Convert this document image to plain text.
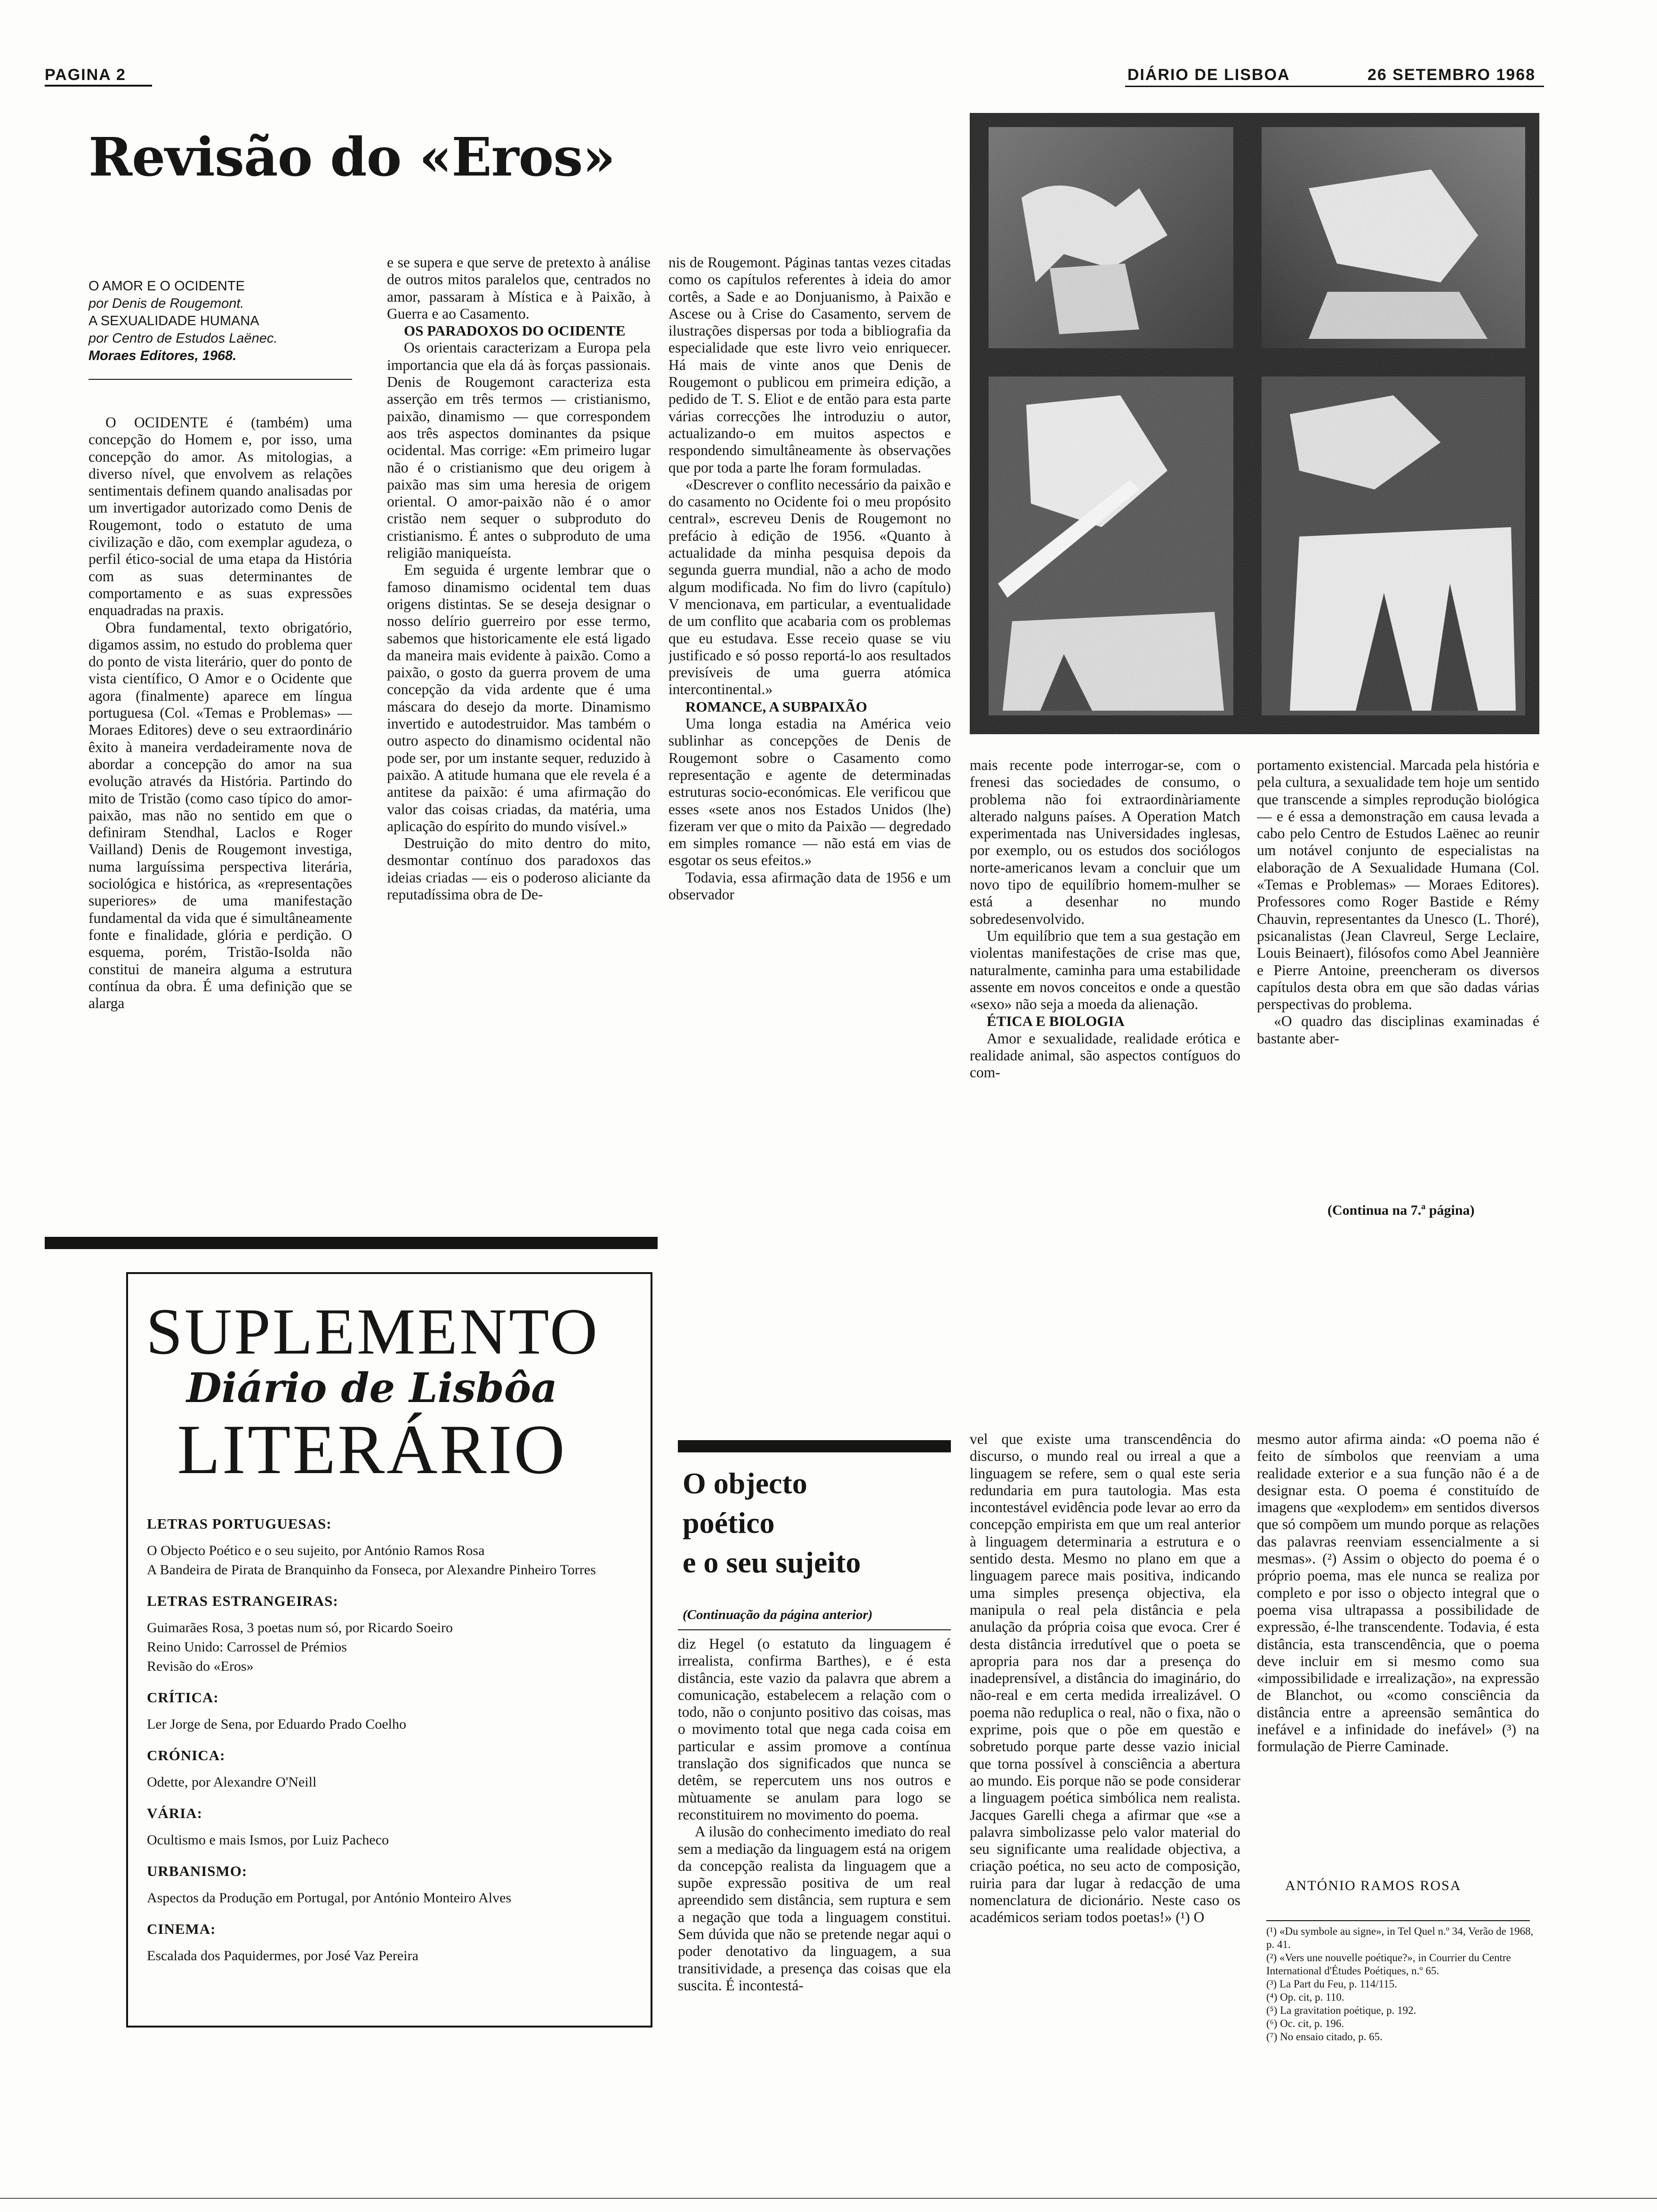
PAGINA 2	DIÁRIO DE LISBOA	26 SETEMBRO 1968
Revisão do «Eros»
O AMOR E O OCIDENTE
por Denis de Rougemont.
A SEXUALIDADE HUMANA
por Centro de Estudos Laënec.
Moraes Editores, 1968.

O OCIDENTE é (também) uma concepção do Homem e, por isso, uma concepção do amor. As mitologias, a diverso nível, que envolvem as relações sentimentais definem quando analisadas por um invertigador autorizado como Denis de Rougemont, todo o estatuto de uma civilização e dão, com exemplar agudeza, o perfil ético-social de uma etapa da História com as suas determinantes de comportamento e as suas expressões enquadradas na praxis.

Obra fundamental, texto obrigatório, digamos assim, no estudo do problema quer do ponto de vista literário, quer do ponto de vista científico, O Amor e o Ocidente que agora (finalmente) aparece em língua portuguesa (Col. «Temas e Problemas» — Moraes Editores) deve o seu extraordinário êxito à maneira verdadeiramente nova de abordar a concepção do amor na sua evolução através da História. Partindo do mito de Tristão (como caso típico do amor-paixão, mas não no sentido em que o definiram Stendhal, Laclos e Roger Vailland) Denis de Rougemont investiga, numa larguíssima perspectiva literária, sociológica e histórica, as «representações superiores» de uma manifestação fundamental da vida que é simultâneamente fonte e finalidade, glória e perdição. O esquema, porém, Tristão-Isolda não constitui de maneira alguma a estrutura contínua da obra. É uma definição que se alarga

e se supera e que serve de pretexto à análise de outros mitos paralelos que, centrados no amor, passaram à Mística e à Paixão, à Guerra e ao Casamento.

OS PARADOXOS DO OCIDENTE

Os orientais caracterizam a Europa pela importancia que ela dá às forças passionais. Denis de Rougemont caracteriza esta asserção em três termos — cristianismo, paixão, dinamismo — que correspondem aos três aspectos dominantes da psique ocidental. Mas corrige: «Em primeiro lugar não é o cristianismo que deu origem à paixão mas sim uma heresia de origem oriental. O amor-paixão não é o amor cristão nem sequer o subproduto do cristianismo. É antes o subproduto de uma religião maniqueísta.

Em seguida é urgente lembrar que o famoso dinamismo ocidental tem duas origens distintas. Se se deseja designar o nosso delírio guerreiro por esse termo, sabemos que historicamente ele está ligado da maneira mais evidente à paixão. Como a paixão, o gosto da guerra provem de uma concepção da vida ardente que é uma máscara do desejo da morte. Dinamismo invertido e autodestruidor. Mas também o outro aspecto do dinamismo ocidental não pode ser, por um instante sequer, reduzido à paixão. A atitude humana que ele revela é a antitese da paixão: é uma afirmação do valor das coisas criadas, da matéria, uma aplicação do espírito do mundo visível.»

Destruição do mito dentro do mito, desmontar contínuo dos paradoxos das ideias criadas — eis o poderoso aliciante da reputadíssima obra de De-

nis de Rougemont. Páginas tantas vezes citadas como os capítulos referentes à ideia do amor cortês, a Sade e ao Donjuanismo, à Paixão e Ascese ou à Crise do Casamento, servem de ilustrações dispersas por toda a bibliografia da especialidade que este livro veio enriquecer. Há mais de vinte anos que Denis de Rougemont o publicou em primeira edição, a pedido de T. S. Eliot e de então para esta parte várias correcções lhe introduziu o autor, actualizando-o em muitos aspectos e respondendo simultâneamente às observações que por toda a parte lhe foram formuladas.

«Descrever o conflito necessário da paixão e do casamento no Ocidente foi o meu propósito central», escreveu Denis de Rougemont no prefácio à edição de 1956. «Quanto à actualidade da minha pesquisa depois da segunda guerra mundial, não a acho de modo algum modificada. No fim do livro (capítulo) V mencionava, em particular, a eventualidade de um conflito que acabaria com os problemas que eu estudava. Esse receio quase se viu justificado e só posso reportá-lo aos resultados previsíveis de uma guerra atómica intercontinental.»

ROMANCE, A SUBPAIXÃO

Uma longa estadia na América veio sublinhar as concepções de Denis de Rougemont sobre o Casamento como representação e agente de determinadas estruturas socio-económicas. Ele verificou que esses «sete anos nos Estados Unidos (lhe) fizeram ver que o mito da Paixão — degredado em simples romance — não está em vias de esgotar os seus efeitos.»

Todavia, essa afirmação data de 1956 e um observador

mais recente pode interrogar-se, com o frenesi das sociedades de consumo, o problema não foi extraordinàriamente alterado nalguns países. A Operation Match experimentada nas Universidades inglesas, por exemplo, ou os estudos dos sociólogos norte-americanos levam a concluir que um novo tipo de equilíbrio homem-mulher se está a desenhar no mundo sobredesenvolvido.

Um equilíbrio que tem a sua gestação em violentas manifestações de crise mas que, naturalmente, caminha para uma estabilidade assente em novos conceitos e onde a questão «sexo» não seja a moeda da alienação.

ÉTICA E BIOLOGIA

Amor e sexualidade, realidade erótica e realidade animal, são aspectos contíguos do com-

portamento existencial. Marcada pela história e pela cultura, a sexualidade tem hoje um sentido que transcende a simples reprodução biológica — e é essa a demonstração em causa levada a cabo pelo Centro de Estudos Laënec ao reunir um notável conjunto de especialistas na elaboração de A Sexualidade Humana (Col. «Temas e Problemas» — Moraes Editores). Professores como Roger Bastide e Rémy Chauvin, representantes da Unesco (L. Thoré), psicanalistas (Jean Clavreul, Serge Leclaire, Louis Beinaert), filósofos como Abel Jeannière e Pierre Antoine, preencheram os diversos capítulos desta obra em que são dadas várias perspectivas do problema.

«O quadro das disciplinas examinadas é bastante aber-

(Continua na 7.ª página)
SUPLEMENTO
Diário de Lisbôa
LITERÁRIO

LETRAS PORTUGUESAS:

O Objecto Poético e o seu sujeito, por António Ramos Rosa

A Bandeira de Pirata de Branquinho da Fonseca, por Alexandre Pinheiro Torres

LETRAS ESTRANGEIRAS:

Guimarães Rosa, 3 poetas num só, por Ricardo Soeiro

Reino Unido: Carrossel de Prémios

Revisão do «Eros»

CRÍTICA:

Ler Jorge de Sena, por Eduardo Prado Coelho

CRÓNICA:

Odette, por Alexandre O'Neill

VÁRIA:

Ocultismo e mais Ismos, por Luiz Pacheco

URBANISMO:

Aspectos da Produção em Portugal, por António Monteiro Alves

CINEMA:

Escalada dos Paquidermes, por José Vaz Pereira

O objecto
poético
e o seu sujeito
(Continuação da página anterior)

diz Hegel (o estatuto da linguagem é irrealista, confirma Barthes), e é esta distância, este vazio da palavra que abrem a comunicação, estabelecem a relação com o todo, não o conjunto positivo das coisas, mas o movimento total que nega cada coisa em particular e assim promove a contínua translação dos significados que nunca se detêm, se repercutem uns nos outros e mùtuamente se anulam para logo se reconstituirem no movimento do poema.

A ilusão do conhecimento imediato do real sem a mediação da linguagem está na origem da concepção realista da linguagem que a supõe expressão positiva de um real apreendido sem distância, sem ruptura e sem a negação que toda a linguagem constitui. Sem dúvida que não se pretende negar aqui o poder denotativo da linguagem, a sua transitividade, a presença das coisas que ela suscita. É incontestá-

vel que existe uma transcendência do discurso, o mundo real ou irreal a que a linguagem se refere, sem o qual este seria redundaria em pura tautologia. Mas esta incontestável evidência pode levar ao erro da concepção empirista em que um real anterior à linguagem determinaria a estrutura e o sentido desta. Mesmo no plano em que a linguagem parece mais positiva, indicando uma simples presença objectiva, ela manipula o real pela distância e pela anulação da própria coisa que evoca. Crer é desta distância irredutível que o poeta se apropria para nos dar a presença do inadeprensível, a distância do imaginário, do não-real e em certa medida irrealizável. O poema não reduplica o real, não o fixa, não o exprime, pois que o põe em questão e sobretudo porque parte desse vazio inicial que torna possível à consciência a abertura ao mundo. Eis porque não se pode considerar a linguagem poética simbólica nem realista. Jacques Garelli chega a afirmar que «se a palavra simbolizasse pelo valor material do seu significante uma realidade objectiva, a criação poética, no seu acto de composição, ruiria para dar lugar à redacção de uma nomenclatura de dicionário. Neste caso os académicos seriam todos poetas!» (¹) O

mesmo autor afirma ainda: «O poema não é feito de símbolos que reenviam a uma realidade exterior e a sua função não é a de designar esta. O poema é constituído de imagens que «explodem» em sentidos diversos que só compõem um mundo porque as relações das palavras reenviam essencialmente a si mesmas». (²) Assim o objecto do poema é o próprio poema, mas ele nunca se realiza por completo e por isso o objecto integral que o poema visa ultrapassa a possibilidade de expressão, é-lhe transcendente. Todavia, é esta distância, esta transcendência, que o poema deve incluir em si mesmo como sua «impossibilidade e irrealização», na expressão de Blanchot, ou «como consciência da distância entre a apreensão semântica do inefável e a infinidade do inefável» (³) na formulação de Pierre Caminade.

ANTÓNIO RAMOS ROSA

(¹) «Du symbole au signe», in Tel Quel n.º 34, Verão de 1968, p. 41.

(²) «Vers une nouvelle poétique?», in Courrier du Centre International d'Études Poétiques, n.º 65.

(³) La Part du Feu, p. 114/115.

(⁴) Op. cit, p. 110.

(⁵) La gravitation poétique, p. 192.

(⁶) Oc. cit, p. 196.

(⁷) No ensaio citado, p. 65.
